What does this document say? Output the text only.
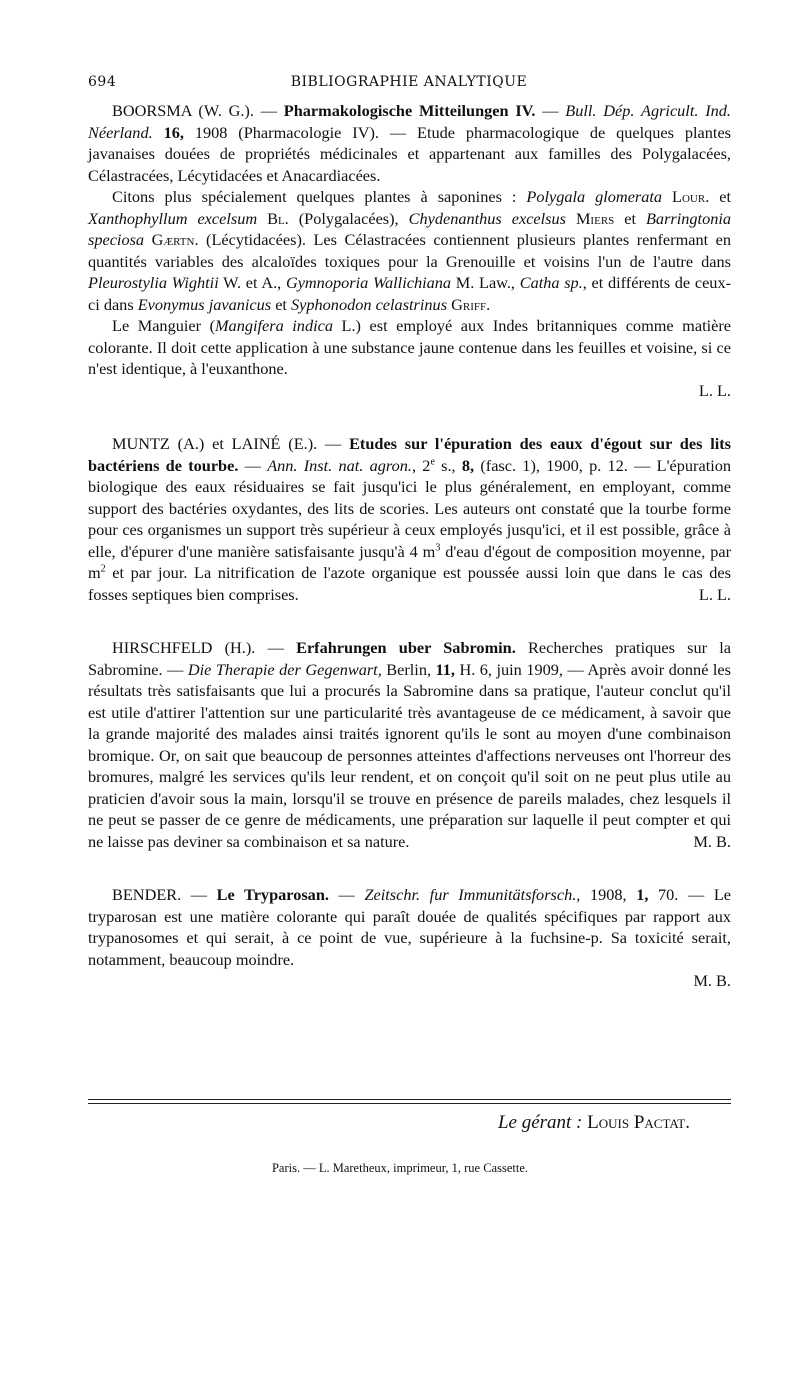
694	BIBLIOGRAPHIE ANALYTIQUE

BOORSMA (W. G.). — Pharmakologische Mitteilungen IV. — Bull. Dép. Agricult. Ind. Néerland. 16, 1908 (Pharmacologie IV). — Etude pharmacologique de quelques plantes javanaises douées de propriétés médicinales et appartenant aux familles des Polygalacées, Célastracées, Lécytidacées et Anacardiacées.

Citons plus spécialement quelques plantes à saponines : Polygala glomerata Lour. et Xanthophyllum excelsum Bl. (Polygalacées), Chydenanthus excelsus Miers et Barringtonia speciosa Gærtn. (Lécytidacées). Les Célastracées contiennent plusieurs plantes renfermant en quantités variables des alcaloïdes toxiques pour la Grenouille et voisins l'un de l'autre dans Pleurostylia Wightii W. et A., Gymnoporia Wallichiana M. Law., Catha sp., et différents de ceux-ci dans Evonymus javanicus et Syphonodon celastrinus Griff.

Le Manguier (Mangifera indica L.) est employé aux Indes britanniques comme matière colorante. Il doit cette application à une substance jaune contenue dans les feuilles et voisine, si ce n'est identique, à l'euxanthone.

L. L.

MUNTZ (A.) et LAINÉ (E.). — Etudes sur l'épuration des eaux d'égout sur des lits bactériens de tourbe. — Ann. Inst. nat. agron., 2e s., 8, (fasc. 1), 1900, p. 12. — L'épuration biologique des eaux résiduaires se fait jusqu'ici le plus généralement, en employant, comme support des bactéries oxydantes, des lits de scories. Les auteurs ont constaté que la tourbe forme pour ces organismes un support très supérieur à ceux employés jusqu'ici, et il est possible, grâce à elle, d'épurer d'une manière satisfaisante jusqu'à 4 $m^3$ d'eau d'égout de composition moyenne, par $m^2$ et par jour. La nitrification de l'azote organique est poussée aussi loin que dans le cas des fosses septiques bien comprises.	L. L.

HIRSCHFELD (H.). — Erfahrungen uber Sabromin. Recherches pratiques sur la Sabromine. — Die Therapie der Gegenwart, Berlin, 11, H. 6, juin 1909, — Après avoir donné les résultats très satisfaisants que lui a procurés la Sabromine dans sa pratique, l'auteur conclut qu'il est utile d'attirer l'attention sur une particularité très avantageuse de ce médicament, à savoir que la grande majorité des malades ainsi traités ignorent qu'ils le sont au moyen d'une combinaison bromique. Or, on sait que beaucoup de personnes atteintes d'affections nerveuses ont l'horreur des bromures, malgré les services qu'ils leur rendent, et on conçoit qu'il soit on ne peut plus utile au praticien d'avoir sous la main, lorsqu'il se trouve en présence de pareils malades, chez lesquels il ne peut se passer de ce genre de médicaments, une préparation sur laquelle il peut compter et qui ne laisse pas deviner sa combinaison et sa nature.	M. B.

BENDER. — Le Tryparosan. — Zeitschr. fur Immunitätsforsch., 1908, 1, 70. — Le tryparosan est une matière colorante qui paraît douée de qualités spécifiques par rapport aux trypanosomes et qui serait, à ce point de vue, supérieure à la fuchsine-p. Sa toxicité serait, notamment, beaucoup moindre.

M. B.
Le gérant : Louis Pactat.
Paris. — L. Maretheux, imprimeur, 1, rue Cassette.
